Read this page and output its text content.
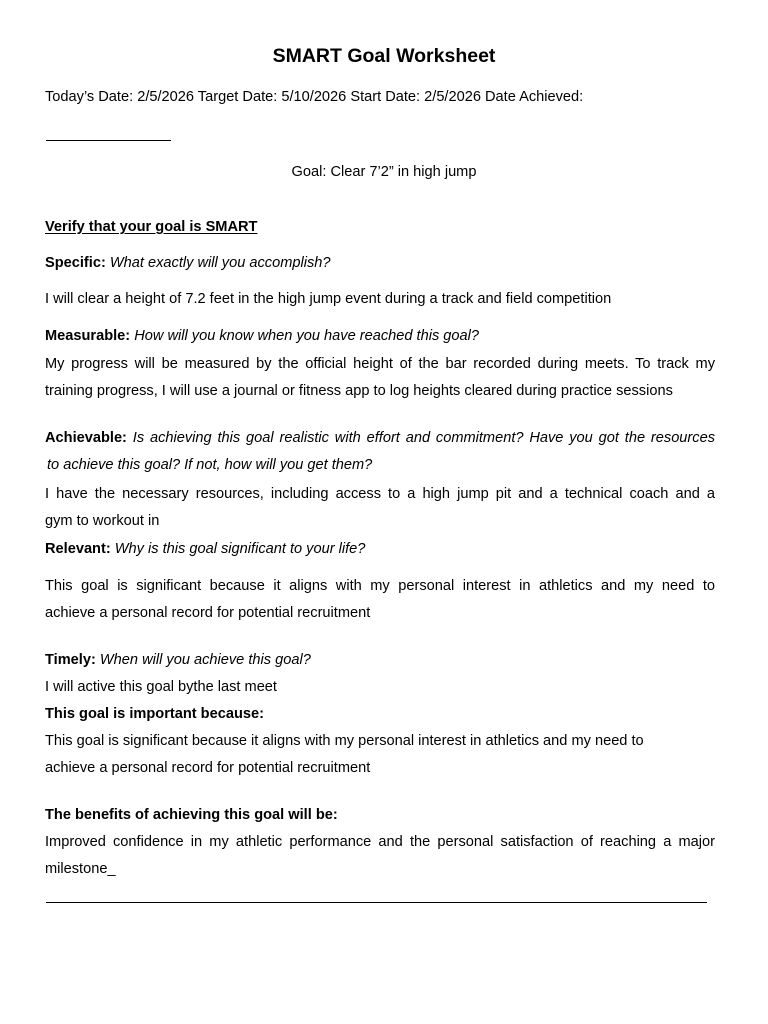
SMART Goal Worksheet
Today’s Date: 2/5/2026 Target Date: 5/10/2026 Start Date: 2/5/2026 Date Achieved:
Goal: Clear 7’2” in high jump
Verify that your goal is SMART
Specific: What exactly will you accomplish?
I will clear a height of 7.2 feet in the high jump event during a track and field competition
Measurable: How will you know when you have reached this goal?
My progress will be measured by the official height of the bar recorded during meets. To track my
training progress, I will use a journal or fitness app to log heights cleared during practice sessions
Achievable: Is achieving this goal realistic with effort and commitment? Have you got the resources
to achieve this goal? If not, how will you get them?
I have the necessary resources, including access to a high jump pit and a technical coach and a
gym to workout in
Relevant: Why is this goal significant to your life?
This goal is significant because it aligns with my personal interest in athletics and my need to
achieve a personal record for potential recruitment
Timely: When will you achieve this goal?
I will active this goal bythe last meet
This goal is important because:
This goal is significant because it aligns with my personal interest in athletics and my need to
achieve a personal record for potential recruitment
The benefits of achieving this goal will be:
Improved confidence in my athletic performance and the personal satisfaction of reaching a major
milestone_
